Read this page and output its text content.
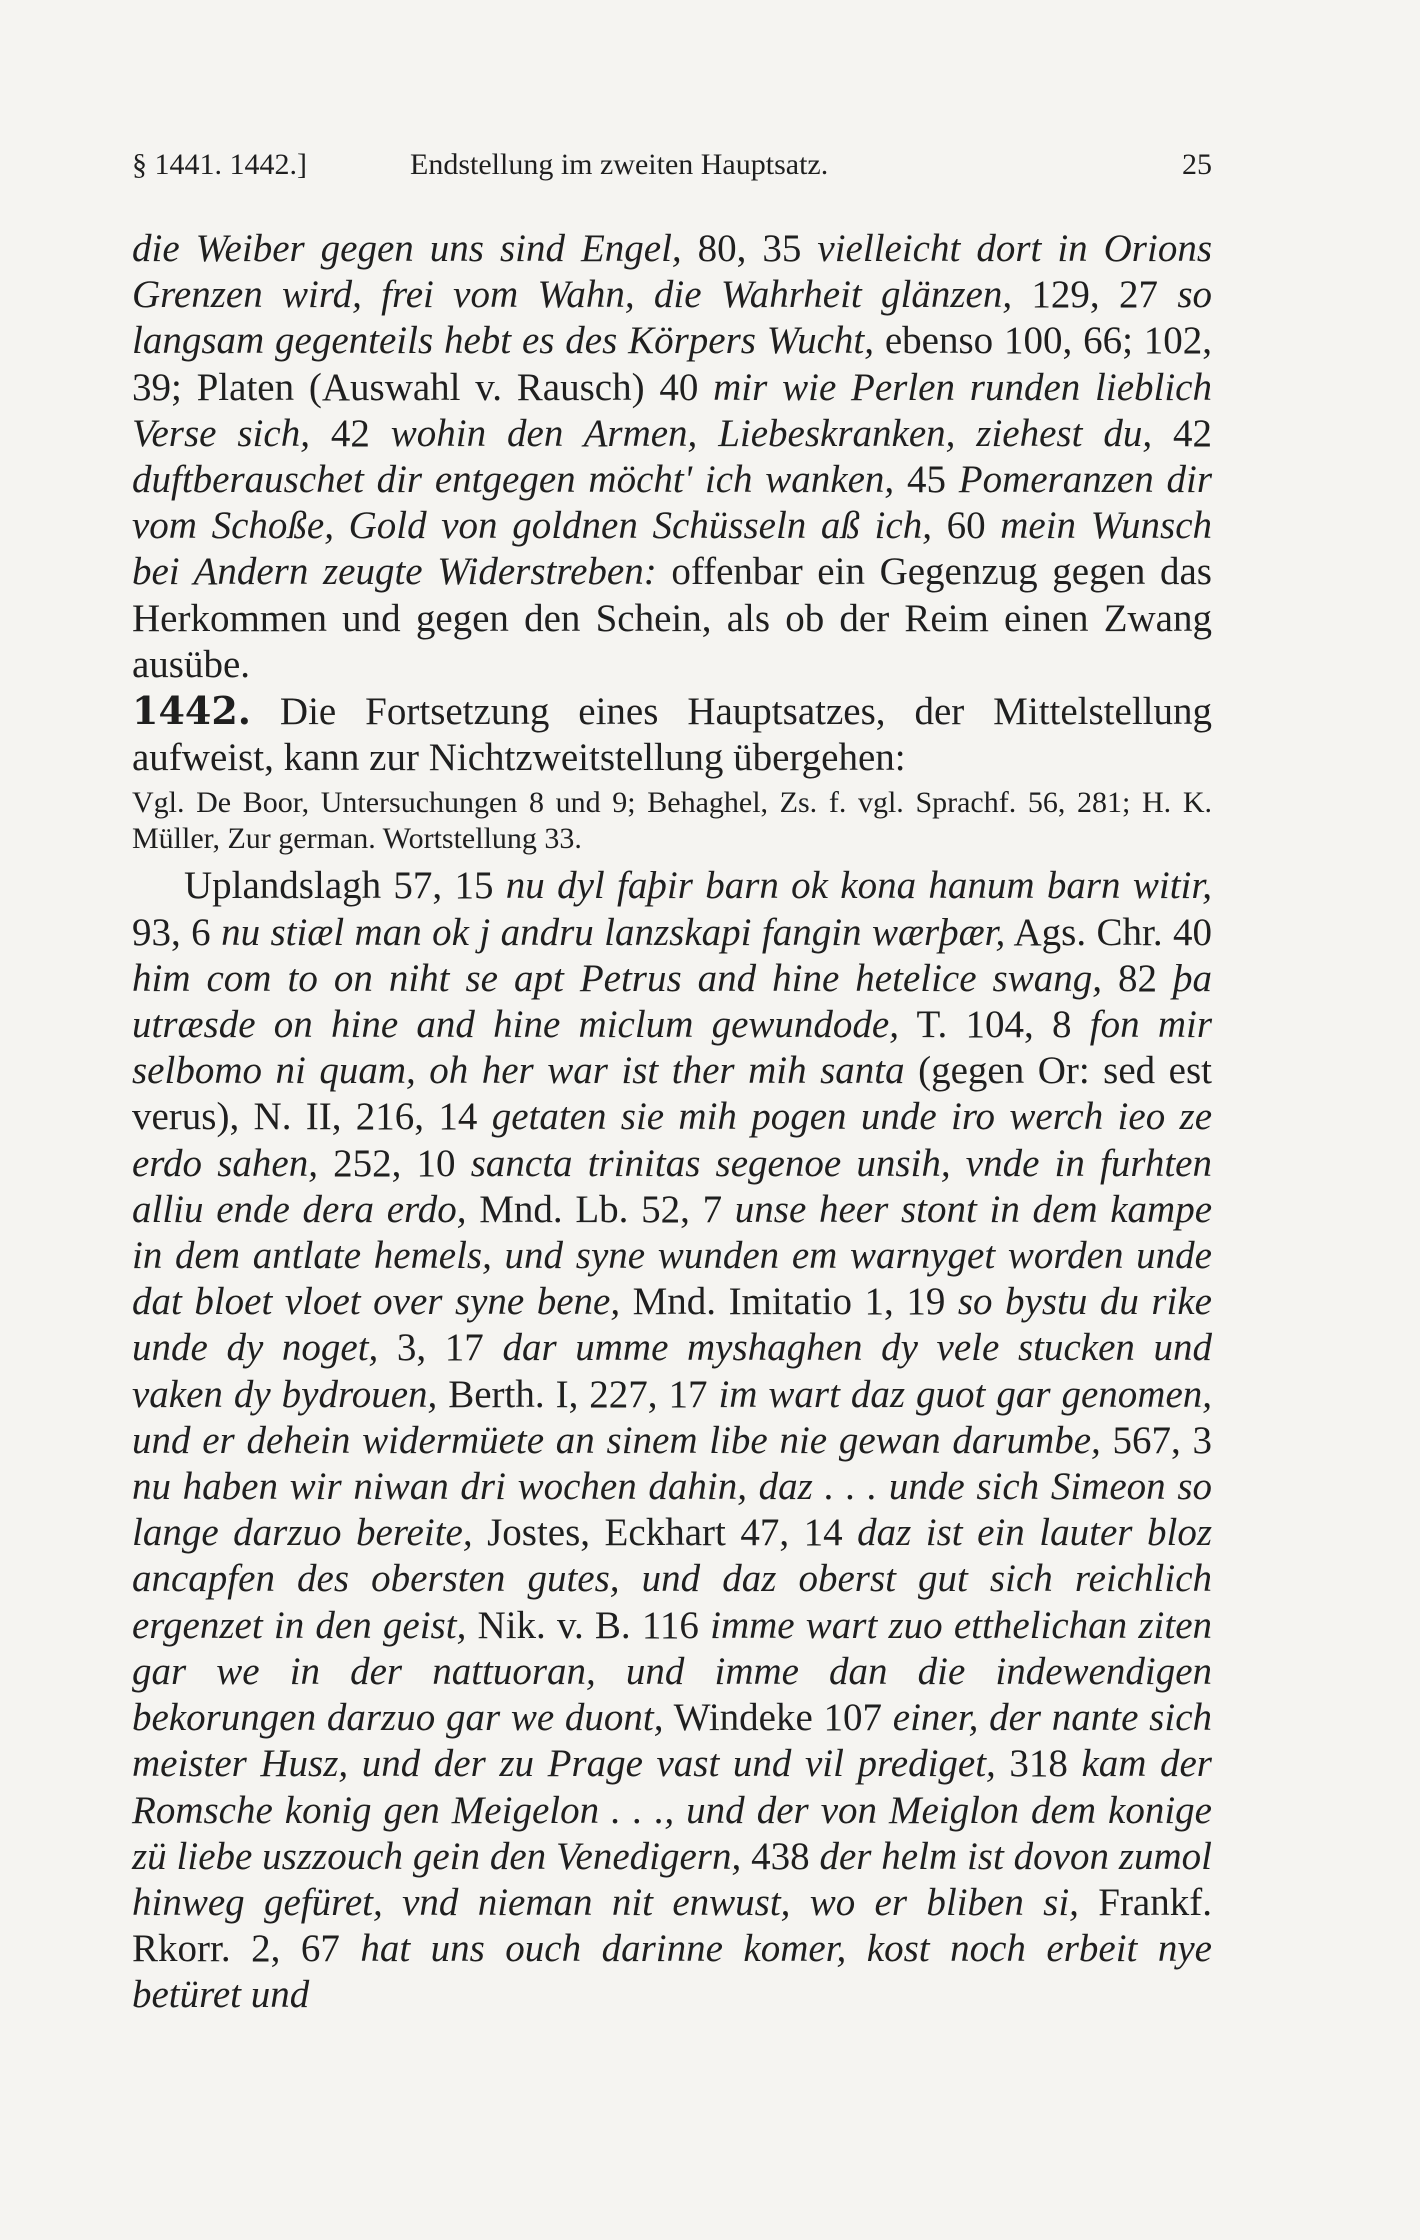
§ 1441. 1442.]	Endstellung im zweiten Hauptsatz.	25

die Weiber gegen uns sind Engel, 80, 35 vielleicht dort in Orions Grenzen wird, frei vom Wahn, die Wahrheit glänzen, 129, 27 so langsam gegenteils hebt es des Körpers Wucht, ebenso 100, 66; 102, 39; Platen (Auswahl v. Rausch) 40 mir wie Perlen runden lieblich Verse sich, 42 wohin den Armen, Liebeskranken, ziehest du, 42 duftberauschet dir entgegen möcht' ich wanken, 45 Pomeranzen dir vom Schoße, Gold von goldnen Schüsseln aß ich, 60 mein Wunsch bei Andern zeugte Widerstreben: offenbar ein Gegenzug gegen das Herkommen und gegen den Schein, als ob der Reim einen Zwang ausübe.

1442. Die Fortsetzung eines Hauptsatzes, der Mittelstellung aufweist, kann zur Nichtzweitstellung übergehen:

Vgl. De Boor, Untersuchungen 8 und 9; Behaghel, Zs. f. vgl. Sprachf. 56, 281; H. K. Müller, Zur german. Wortstellung 33.

Uplandslagh 57, 15 nu dyl faþir barn ok kona hanum barn witir, 93, 6 nu stiæl man ok j andru lanzskapi fangin wærþær, Ags. Chr. 40 him com to on niht se apt Petrus and hine hetelice swang, 82 þa utræsde on hine and hine miclum gewundode, T. 104, 8 fon mir selbomo ni quam, oh her war ist ther mih santa (gegen Or: sed est verus), N. II, 216, 14 getaten sie mih pogen unde iro werch ieo ze erdo sahen, 252, 10 sancta trinitas segenoe unsih, vnde in furhten alliu ende dera erdo, Mnd. Lb. 52, 7 unse heer stont in dem kampe in dem antlate hemels, und syne wunden em warnyget worden unde dat bloet vloet over syne bene, Mnd. Imitatio 1, 19 so bystu du rike unde dy noget, 3, 17 dar umme myshaghen dy vele stucken und vaken dy bydrouen, Berth. I, 227, 17 im wart daz guot gar genomen, und er dehein widermüete an sinem libe nie gewan darumbe, 567, 3 nu haben wir niwan dri wochen dahin, daz . . . unde sich Simeon so lange darzuo bereite, Jostes, Eckhart 47, 14 daz ist ein lauter bloz ancapfen des obersten gutes, und daz oberst gut sich reichlich ergenzet in den geist, Nik. v. B. 116 imme wart zuo etthelichan ziten gar we in der nattuoran, und imme dan die indewendigen bekorungen darzuo gar we duont, Windeke 107 einer, der nante sich meister Husz, und der zu Prage vast und vil prediget, 318 kam der Romsche konig gen Meigelon . . ., und der von Meiglon dem konige zü liebe uszzouch gein den Venedigern, 438 der helm ist dovon zumol hinweg gefüret, vnd nieman nit enwust, wo er bliben si, Frankf. Rkorr. 2, 67 hat uns ouch darinne komer, kost noch erbeit nye betüret und
